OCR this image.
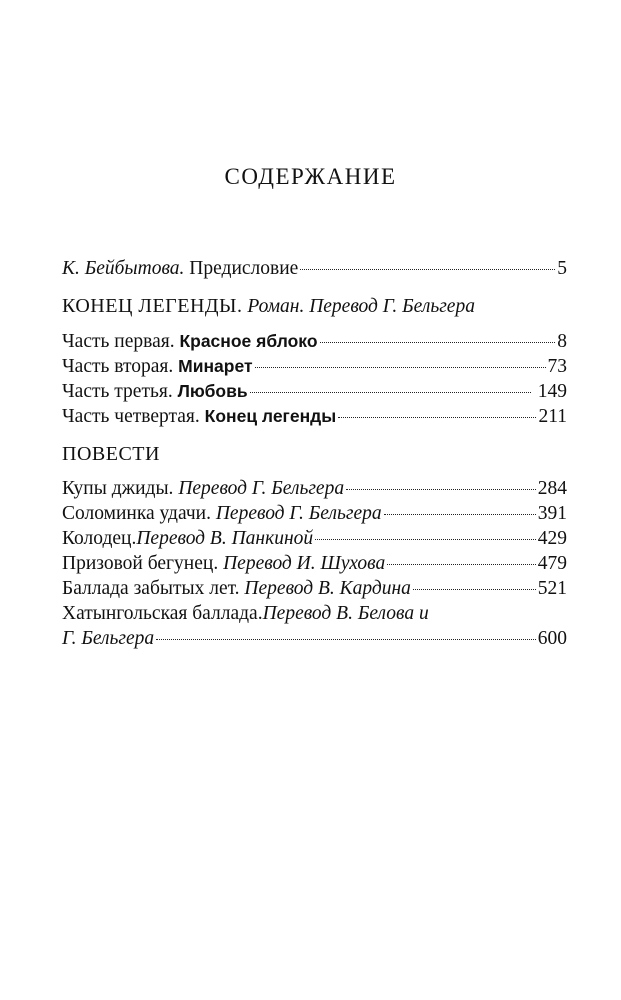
СОДЕРЖАНИЕ
К. Бейбытова. Предисловие	5
КОНЕЦ ЛЕГЕНДЫ. Роман. Перевод Г. Бельгера
Часть первая. Красное яблоко	8
Часть вторая. Минарет	73
Часть третья. Любовь	149
Часть четвертая. Конец легенды	211
ПОВЕСТИ
Купы джиды. Перевод Г. Бельгера	284
Соломинка удачи. Перевод Г. Бельгера	391
Колодец.Перевод В. Панкиной	429
Призовой бегунец. Перевод И. Шухова	479
Баллада забытых лет. Перевод В. Кардина	521
Хатынгольская баллада.Перевод В. Белова и
Г. Бельгера	600
